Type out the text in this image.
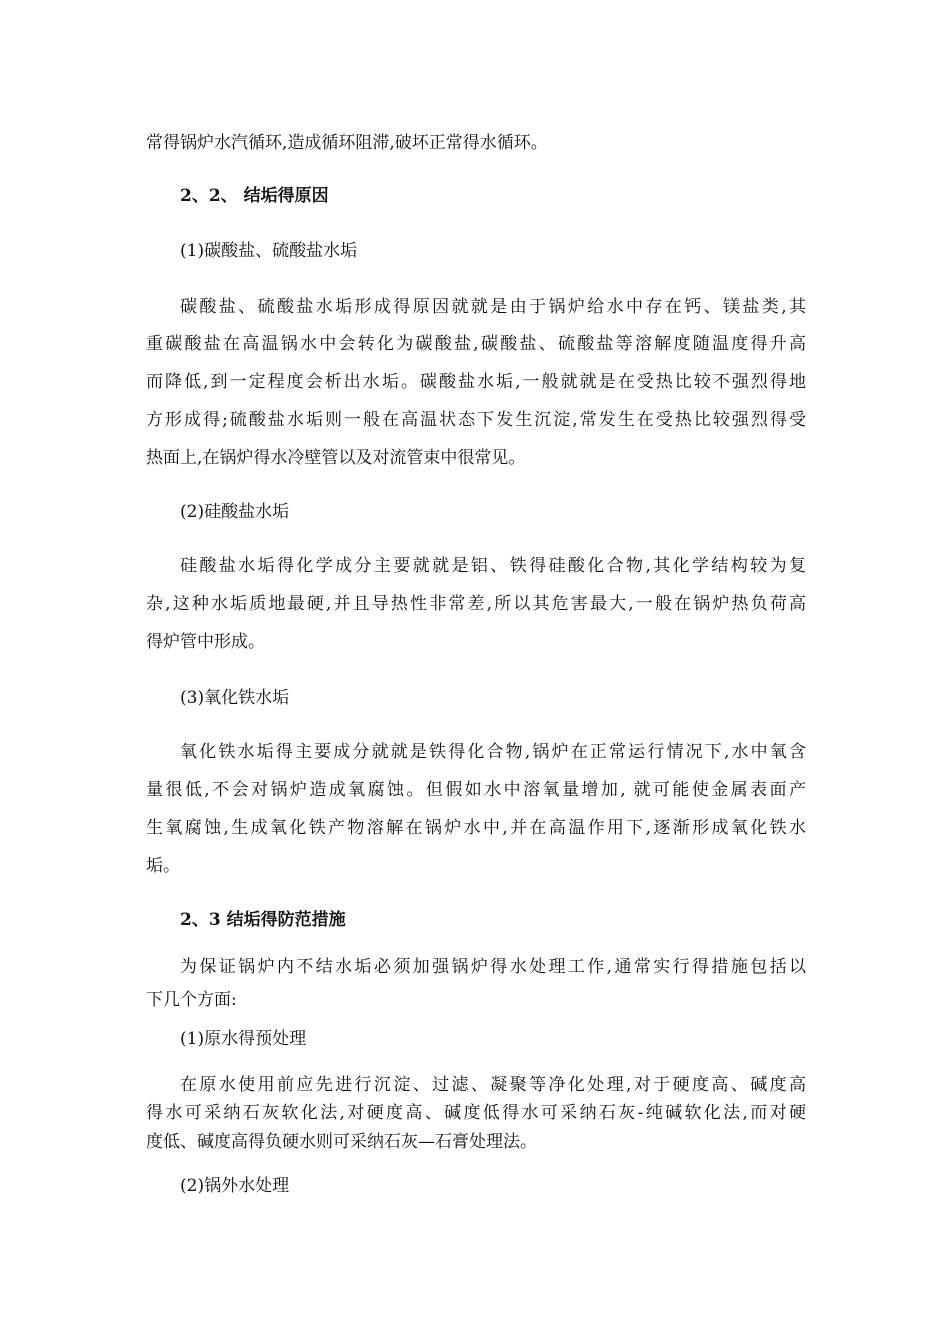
常得锅炉水汽循环,造成循环阻滞,破坏正常得水循环。
2、2、 结垢得原因
(1)碳酸盐、硫酸盐水垢
碳酸盐、硫酸盐水垢形成得原因就就是由于锅炉给水中存在钙、镁盐类,其
重碳酸盐在高温锅水中会转化为碳酸盐,碳酸盐、硫酸盐等溶解度随温度得升高
而降低,到一定程度会析出水垢。碳酸盐水垢,一般就就是在受热比较不强烈得地
方形成得;硫酸盐水垢则一般在高温状态下发生沉淀,常发生在受热比较强烈得受
热面上,在锅炉得水冷壁管以及对流管束中很常见。
(2)硅酸盐水垢
硅酸盐水垢得化学成分主要就就是铝、铁得硅酸化合物,其化学结构较为复
杂,这种水垢质地最硬,并且导热性非常差,所以其危害最大,一般在锅炉热负荷高
得炉管中形成。
(3)氧化铁水垢
氧化铁水垢得主要成分就就是铁得化合物,锅炉在正常运行情况下,水中氧含
量很低,不会对锅炉造成氧腐蚀。但假如水中溶氧量增加, 就可能使金属表面产
生氧腐蚀,生成氧化铁产物溶解在锅炉水中,并在高温作用下,逐渐形成氧化铁水
垢。
2、3 结垢得防范措施
为保证锅炉内不结水垢必须加强锅炉得水处理工作,通常实行得措施包括以
下几个方面:
(1)原水得预处理
在原水使用前应先进行沉淀、过滤、凝聚等净化处理,对于硬度高、碱度高
得水可采纳石灰软化法,对硬度高、碱度低得水可采纳石灰-纯碱软化法,而对硬
度低、碱度高得负硬水则可采纳石灰—石膏处理法。
(2)锅外水处理
